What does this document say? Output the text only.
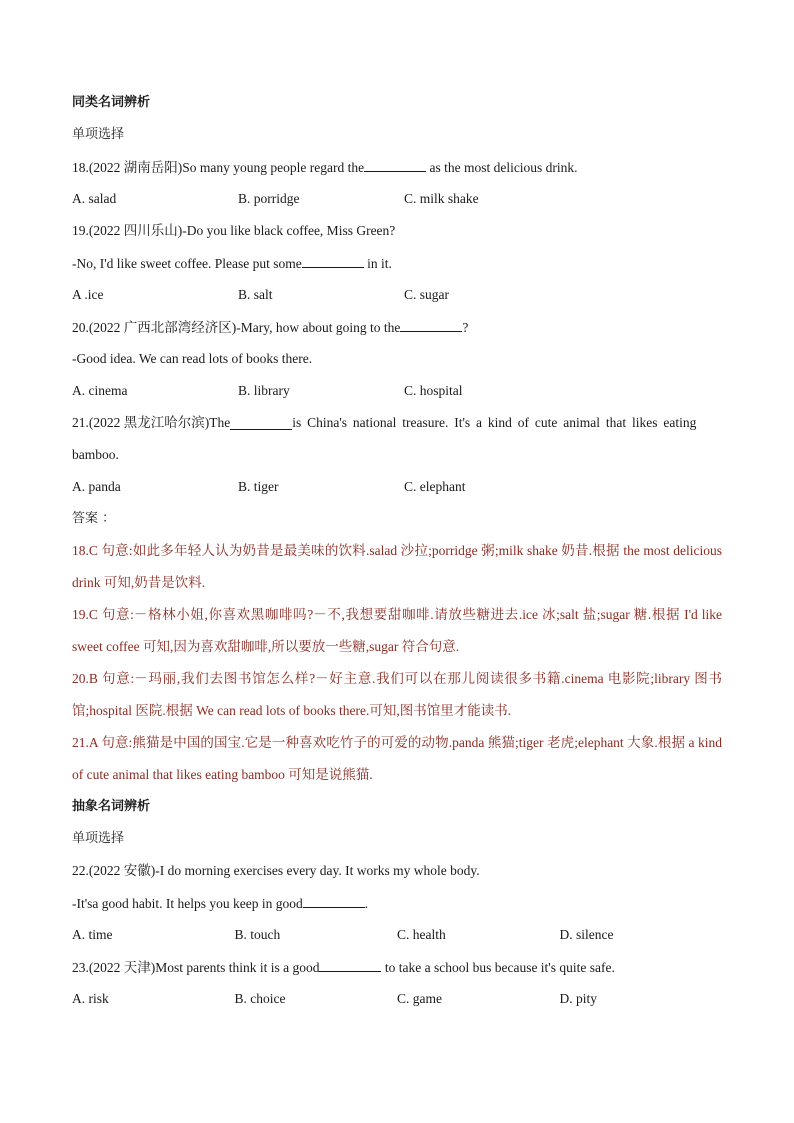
同类名词辨析
单项选择
18.(2022 湖南岳阳)So many young people regard the	as the most delicious drink.
A. salad	B. porridge	C. milk shake
19.(2022 四川乐山)-Do you like black coffee, Miss Green?
-No, I'd like sweet coffee. Please put some	in it.
A .ice	B. salt	C. sugar
20.(2022 广西北部湾经济区)-Mary, how about going to the	?
-Good idea. We can read lots of books there.
A. cinema	B. library	C. hospital
21.(2022 黑龙江哈尔滨)The	is China's national treasure. It's a kind of cute animal that likes eating
bamboo.
A. panda	B. tiger	C. elephant
答案 ：
18.C 句意:如此多年轻人认为奶昔是最美味的饮料.salad 沙拉;porridge 粥;milk shake 奶昔.根据 the most delicious drink 可知,奶昔是饮料.
19.C 句意:－格林小姐,你喜欢黑咖啡吗?－不,我想要甜咖啡.请放些糖进去.ice 冰;salt 盐;sugar 糖.根据 I'd like sweet coffee 可知,因为喜欢甜咖啡,所以要放一些糖,sugar 符合句意.
20.B 句意:－玛丽,我们去图书馆怎么样?－好主意.我们可以在那儿阅读很多书籍.cinema 电影院;library 图书馆;hospital 医院.根据 We can read lots of books there.可知,图书馆里才能读书.
21.A 句意:熊猫是中国的国宝.它是一种喜欢吃竹子的可爱的动物.panda 熊猫;tiger 老虎;elephant 大象.根据 a kind of cute animal that likes eating bamboo 可知是说熊猫.
抽象名词辨析
单项选择
22.(2022 安徽)-I do morning exercises every day. It works my whole body.
-It'sa good habit. It helps you keep in good	.
A. time	B. touch	C. health	D. silence
23.(2022 天津)Most parents think it is a good	to take a school bus because it's quite safe.
A. risk	B. choice	C. game	D. pity
